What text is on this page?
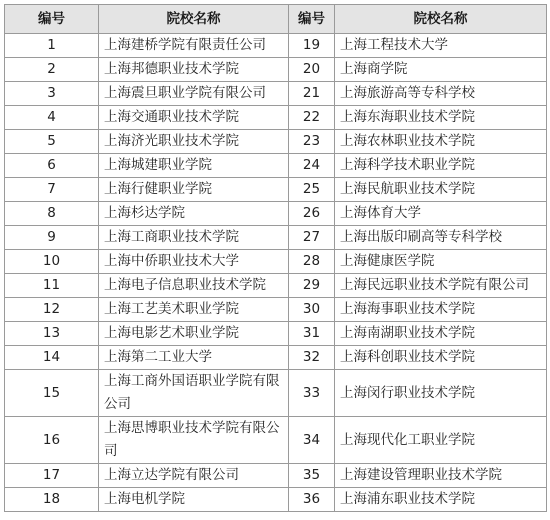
编号	院校名称	编号	院校名称
1	上海建桥学院有限责任公司	19	上海工程技术大学
2	上海邦德职业技术学院	20	上海商学院
3	上海震旦职业学院有限公司	21	上海旅游高等专科学校
4	上海交通职业技术学院	22	上海东海职业技术学院
5	上海济光职业技术学院	23	上海农林职业技术学院
6	上海城建职业学院	24	上海科学技术职业学院
7	上海行健职业学院	25	上海民航职业技术学院
8	上海杉达学院	26	上海体育大学
9	上海工商职业技术学院	27	上海出版印刷高等专科学校
10	上海中侨职业技术大学	28	上海健康医学院
11	上海电子信息职业技术学院	29	上海民远职业技术学院有限公司
12	上海工艺美术职业学院	30	上海海事职业技术学院
13	上海电影艺术职业学院	31	上海南湖职业技术学院
14	上海第二工业大学	32	上海科创职业技术学院
15	上海工商外国语职业学院有限公司	33	上海闵行职业技术学院
16	上海思博职业技术学院有限公司	34	上海现代化工职业学院
17	上海立达学院有限公司	35	上海建设管理职业技术学院
18	上海电机学院	36	上海浦东职业技术学院
